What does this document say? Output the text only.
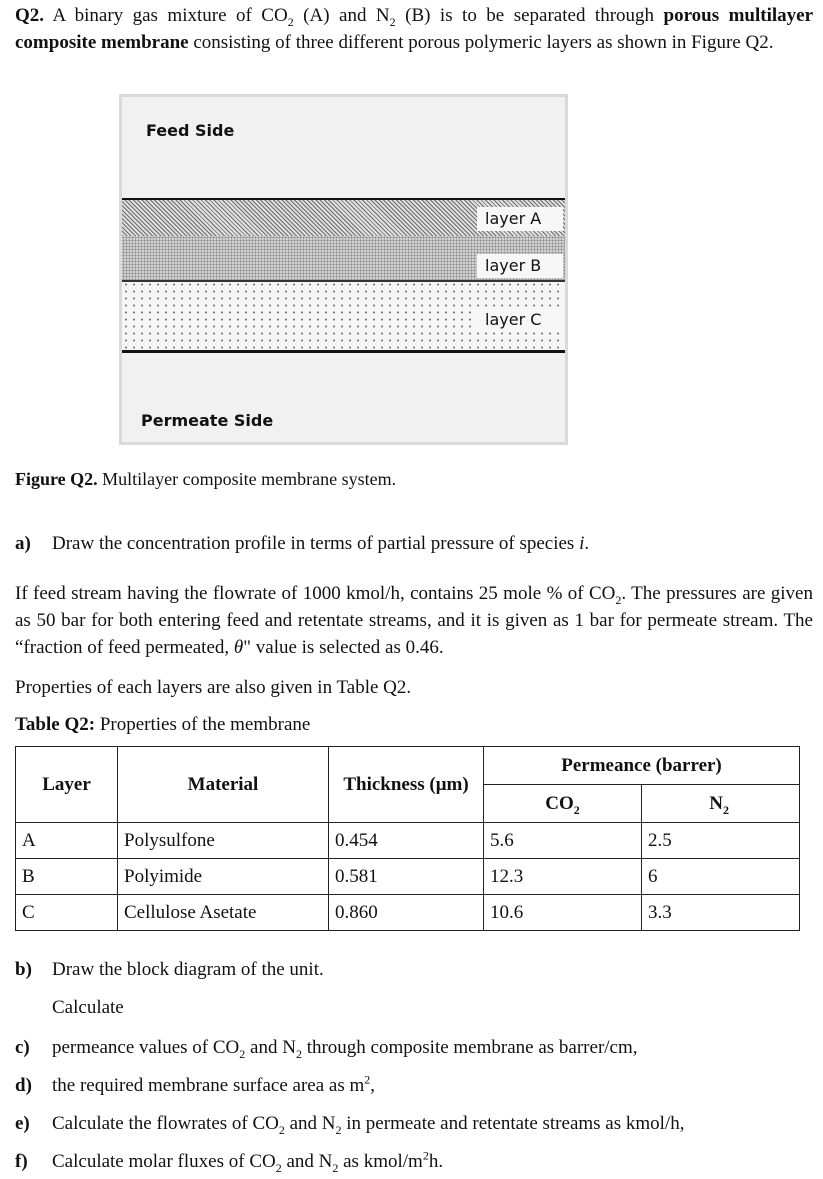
Q2. A binary gas mixture of $CO_2$ (A) and $N_2$ (B) is to be separated through porous multilayer composite membrane consisting of three different porous polymeric layers as shown in Figure Q2.
Feed Side
layer A
layer B
layer C
Permeate Side
Figure Q2. Multilayer composite membrane system.
a) Draw the concentration profile in terms of partial pressure of species i.
If feed stream having the flowrate of 1000 kmol/h, contains 25 mole % of $CO_2$. The pressures are given as 50 bar for both entering feed and retentate streams, and it is given as 1 bar for permeate stream. The “fraction of feed permeated, θ" value is selected as 0.46.
Properties of each layers are also given in Table Q2.
Table Q2: Properties of the membrane
Layer	Material	Thickness (μm)	Permeance (barrer)	
			$CO_2$	$N_2$
A	Polysulfone	0.454	5.6	2.5
B	Polyimide	0.581	12.3	6
C	Cellulose Asetate	0.860	10.6	3.3
b) Draw the block diagram of the unit.
Calculate
c) permeance values of $CO_2$ and $N_2$ through composite membrane as barrer/cm,
d) the required membrane surface area as $m^2$,
e) Calculate the flowrates of $CO_2$ and $N_2$ in permeate and retentate streams as kmol/h,
f) Calculate molar fluxes of $CO_2$ and $N_2$ as kmol/$m^2h$.
